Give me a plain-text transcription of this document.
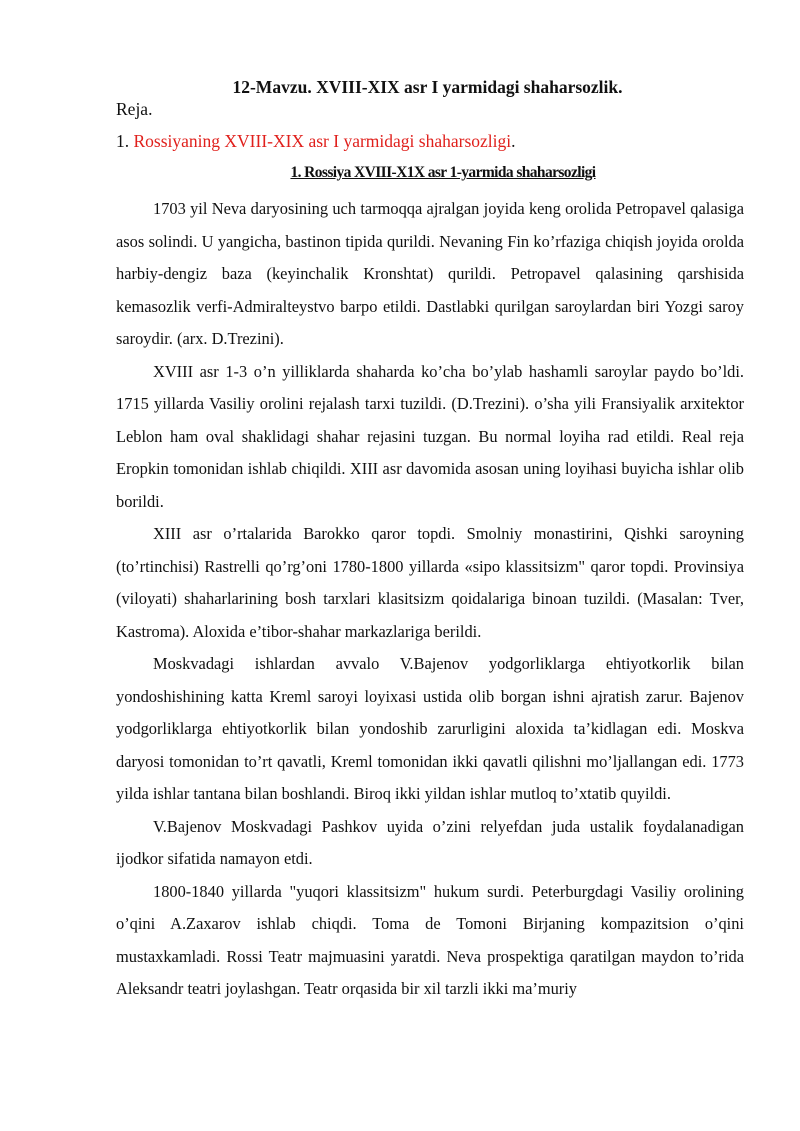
12-Mavzu. XVIII-XIX asr I yarmidagi shaharsozlik.
Reja.
1. Rossiyaning XVIII-XIX asr I yarmidagi shaharsozligi.
1. Rossiya XVIII-X1X asr 1-yarmida shaharsozligi

1703 yil Neva daryosining uch tarmoqqa ajralgan joyida keng orolida Petropavel qalasiga asos solindi. U yangicha, bastinon tipida qurildi. Nevaning Fin ko’rfaziga chiqish joyida orolda harbiy-dengiz baza (keyinchalik Kronshtat) qurildi. Petropavel qalasining qarshisida kemasozlik verfi-Admiralteystvo barpo etildi. Dastlabki qurilgan saroylardan biri Yozgi saroy saroydir. (arx. D.Trezini).

XVIII asr 1-3 o’n yilliklarda shaharda ko’cha bo’ylab hashamli saroylar paydo bo’ldi. 1715 yillarda Vasiliy orolini rejalash tarxi tuzildi. (D.Trezini). o’sha yili Fransiyalik arxitektor Leblon ham oval shaklidagi shahar rejasini tuzgan. Bu normal loyiha rad etildi. Real reja Eropkin tomonidan ishlab chiqildi. XIII asr davomida asosan uning loyihasi buyicha ishlar olib borildi.

XIII asr o’rtalarida Barokko qaror topdi. Smolniy monastirini, Qishki saroyning (to’rtinchisi) Rastrelli qo’rg’oni 1780-1800 yillarda «sipo klassitsizm" qaror topdi. Provinsiya (viloyati) shaharlarining bosh tarxlari klasitsizm qoidalariga binoan tuzildi. (Masalan: Tver, Kastroma). Aloxida e’tibor-shahar markazlariga berildi.

Moskvadagi ishlardan avvalo V.Bajenov yodgorliklarga ehtiyotkorlik bilan yondoshishining katta Kreml saroyi loyixasi ustida olib borgan ishni ajratish zarur. Bajenov yodgorliklarga ehtiyotkorlik bilan yondoshib zarurligini aloxida ta’kidlagan edi. Moskva daryosi tomonidan to’rt qavatli, Kreml tomonidan ikki qavatli qilishni mo’ljallangan edi. 1773 yilda ishlar tantana bilan boshlandi. Biroq ikki yildan ishlar mutloq to’xtatib quyildi.

V.Bajenov Moskvadagi Pashkov uyida o’zini relyefdan juda ustalik foydalanadigan ijodkor sifatida namayon etdi.

1800-1840 yillarda "yuqori klassitsizm" hukum surdi. Peterburgdagi Vasiliy orolining o’qini A.Zaxarov ishlab chiqdi. Toma de Tomoni Birjaning kompazitsion o’qini mustaxkamladi. Rossi Teatr majmuasini yaratdi. Neva prospektiga qaratilgan maydon to’rida Aleksandr teatri joylashgan. Teatr orqasida bir xil tarzli ikki ma’muriy
